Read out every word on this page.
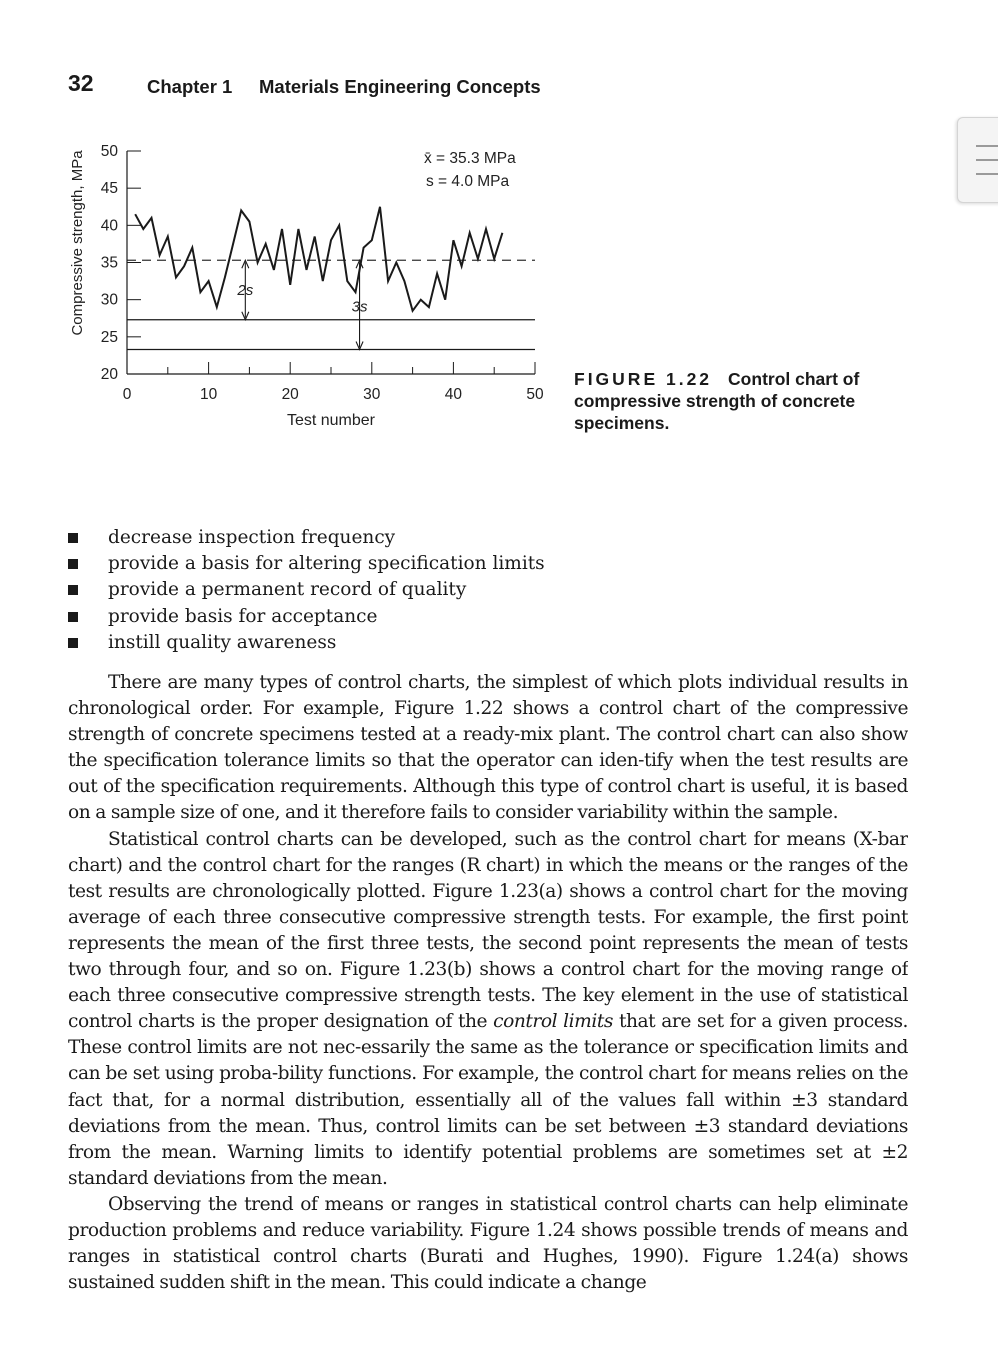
32	Chapter 1 Materials Engineering Concepts
20
25
30
35
40
45
50
0	10	20	30	40	50
2s
3s
Compressive strength, MPa
Test number
x̄ = 35.3 MPa
s = 4.0 MPa
FIGURE 1.22 Control chart of compressive strength of concrete specimens.
decrease inspection frequency
provide a basis for altering specification limits
provide a permanent record of quality
provide basis for acceptance
instill quality awareness

There are many types of control charts, the simplest of which plots individual results in chronological order. For example, Figure 1.22 shows a control chart of the compressive strength of concrete specimens tested at a ready-mix plant. The control chart can also show the specification tolerance limits so that the operator can iden-tify when the test results are out of the specification requirements. Although this type of control chart is useful, it is based on a sample size of one, and it therefore fails to consider variability within the sample.

Statistical control charts can be developed, such as the control chart for means (X-bar chart) and the control chart for the ranges (R chart) in which the means or the ranges of the test results are chronologically plotted. Figure 1.23(a) shows a control chart for the moving average of each three consecutive compressive strength tests. For example, the first point represents the mean of the first three tests, the second point represents the mean of tests two through four, and so on. Figure 1.23(b) shows a control chart for the moving range of each three consecutive compressive strength tests. The key element in the use of statistical control charts is the proper designation of the control limits that are set for a given process. These control limits are not nec-essarily the same as the tolerance or specification limits and can be set using proba-bility functions. For example, the control chart for means relies on the fact that, for a normal distribution, essentially all of the values fall within ±3 standard deviations from the mean. Thus, control limits can be set between ±3 standard deviations from the mean. Warning limits to identify potential problems are sometimes set at ±2 standard deviations from the mean.

Observing the trend of means or ranges in statistical control charts can help eliminate production problems and reduce variability. Figure 1.24 shows possible trends of means and ranges in statistical control charts (Burati and Hughes, 1990). Figure 1.24(a) shows sustained sudden shift in the mean. This could indicate a change
